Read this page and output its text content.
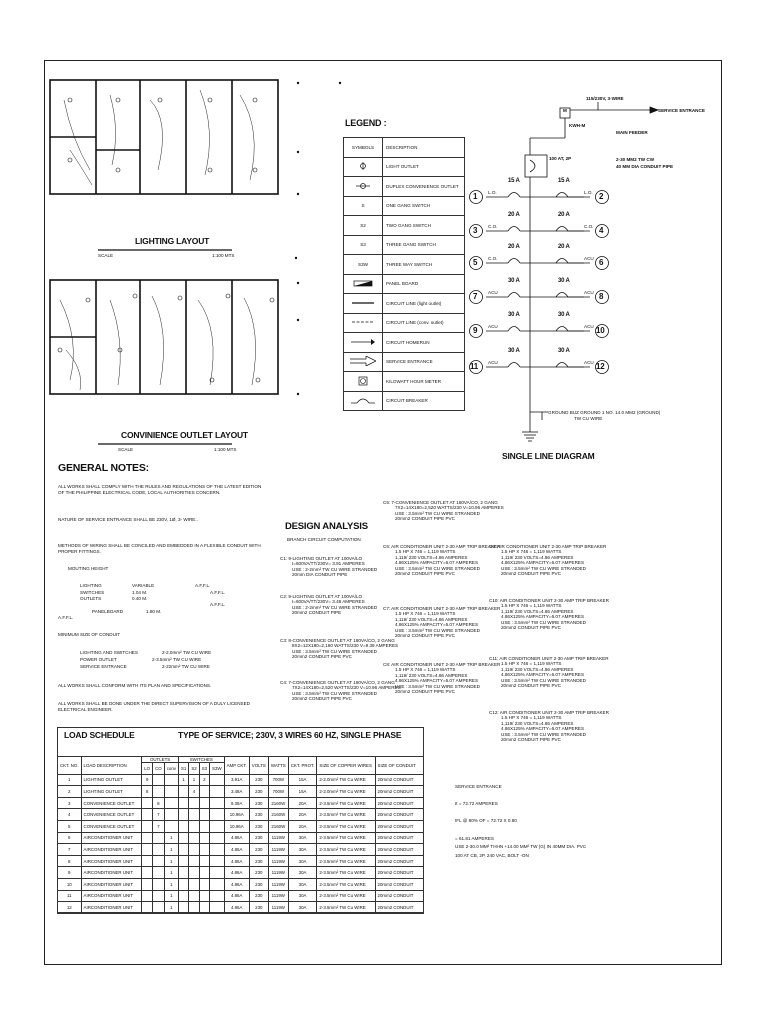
LIGHTING LAYOUT
SCALE	1:100 MTS
CONVINIENCE OUTLET LAYOUT
SCALE	1:100 MTS
LEGEND :
SYMBOLS	DESCRIPTION
	LIGHT OUTLET
	DUPLEX CONVENIENCE OUTLET
S	ONE GANG SWITCH
S2	TWO GANG SWITCH
S3	THREE GANG SWITCH
S3W	THREE WAY SWITCH
	PANEL BOARD
	CIRCUIT LINE (light outlet)
	CIRCUIT LINE (conv. outlet)
	CIRCUIT HOMERUN
	SERVICE ENTRANCE
	KILOWATT HOUR METER
	CIRCUIT BREAKER
115/230V, 3-WIRE
M
KWH-M
SERVICE ENTRANCE
MAIN FEEDER
100 AT, 2P	2-30 MM2 TW CW
40 MM DIA CONDUIT PIPE
GROUND BUZ GROUND 1 NO. 14.0 MM2 (GROUND)
TW CU WIRE
SINGLE LINE DIAGRAM
1	2
15 A	15 A
L.O.	L.O.
3	4
20 A	20 A
C.O.	C.O.
5	6
20 A	20 A
C.O.	ACU
7	8
30 A	30 A
ACU	ACU
9	10
30 A	30 A
ACU	ACU
11	12
30 A	30 A
ACU	ACU
GENERAL NOTES:
ALL WORKS SHALL COMPLY WITH THE RULES AND REGULATIONS OF THE LATEST EDITION
OF THE PHILIPPINE ELECTRICAL CODE, LOCAL AUTHORITIES CONCERN.
NATURE OF SERVICE ENTRANCE SHALL BE 230V, 1Ø, 3- WIRE..
METHODS OF WIRING SHALL BE CONCILED AND EMBEDDED IN A FLEXIBLE CONDUIT WITH
PROPER FITTINGS.
MOUTING HEIGHT
LIGHTING	VARIABLE	A.F.F.L.
SWITCHES	1.04 M.	A.F.F.L.
OUTLETS	0.40 M.
A.F.F.L.
PANELBOARD	1.80 M.
A.F.F.L.
MINIMUM SIZE OF CONDUIT
LIGHTING AND SWITCHES	2-2.0mm² TW CU WIRE
POWER OUTLET	2-3.5mm² TW CU WIRE
SERVICE ENTRANCE	2-22mm² TW CU WIRE
ALL WORKS SHALL CONFORM WITH ITS PLAN AND SPECIFICATIONS.
ALL WORKS SHALL BE DONE UNDER THE DIRECT SUPERVISION OF A DULY LICENSED
ELECTRICAL ENGINEER.
DESIGN ANALYSIS
BRANCH CIRCUIT COMPUTATION
C1: 9-LIGHTING OUTLET AT 100VA/LO
I=600VA/TT/230V= 3.91 AMPERES
USE : 2-2mm² TW CU WIRE STRANDED
20mm DIA CONDUIT PIPE
C2: 9-LIGHTING OUTLET AT 100VA/LO
I=600VA/TT/230V= 3.48 AMPERES
USE : 2-2mm² TW CU WIRE STRANDED
20mm2 CONDUIT PIPE
C3: 8-CONVENIENCE OUTLET AT 180VA/CO, 2 GANG
8X2=12X180=2,160 WATTS/230 V=9.39 AMPERES
USE : 3.5mm² TW CU WIRE STRANDED
20mm2 CONDUIT PIPE PVC
C4: 7-CONVENIENCE OUTLET AT 180VA/CO, 2 GANG
7X2=14X180=2,520 WATTS/230 V=10.96 AMPERES
USE : 3.5mm² TW CU WIRE STRANDED
20mm2 CONDUIT PIPE PVC
C5: 7-CONVENIENCE OUTLET AT 180VA/CO, 2 GANG
7X2=14X180=2,520 WATTS/230 V=10.96 AMPERES
USE : 3.5mm² TW CU WIRE STRANDED
20mm2 CONDUIT PIPE PVC
C6: AIR CONDITIONER UNIT 2-30 AMP TRIP BREAKER
1.5 HP X 746 = 1,119 WATTS
1,119/ 230 VOLTS=4.86 AMPERES
4.86X125% AMPACITY=6.07 AMPERES
USE : 3.5mm² TW CU WIRE STRANDED
20mm2 CONDUIT PIPE PVC
C7: AIR CONDITIONER UNIT 2-30 AMP TRIP BREAKER
1.5 HP X 746 = 1,119 WATTS
1,119/ 230 VOLTS=4.86 AMPERES
4.86X125% AMPACITY=6.07 AMPERES
USE : 3.5mm² TW CU WIRE STRANDED
20mm2 CONDUIT PIPE PVC
C8: AIR CONDITIONER UNIT 2-30 AMP TRIP BREAKER
1.5 HP X 746 = 1,119 WATTS
1,119/ 230 VOLTS=4.86 AMPERES
4.86X125% AMPACITY=6.07 AMPERES
USE : 3.5mm² TW CU WIRE STRANDED
20mm2 CONDUIT PIPE PVC
C9: AIR CONDITIONER UNIT 2-30 AMP TRIP BREAKER
1.5 HP X 746 = 1,119 WATTS
1,119/ 230 VOLTS=4.86 AMPERES
4.86X125% AMPACITY=6.07 AMPERES
USE : 3.5mm² TW CU WIRE STRANDED
20mm2 CONDUIT PIPE PVC
C10: AIR CONDITIONER UNIT 2-30 AMP TRIP BREAKER
1.5 HP X 746 = 1,119 WATTS
1,119/ 230 VOLTS=4.86 AMPERES
4.86X125% AMPACITY=6.07 AMPERES
USE : 3.5mm² TW CU WIRE STRANDED
20mm2 CONDUIT PIPE PVC
C11: AIR CONDITIONER UNIT 2-30 AMP TRIP BREAKER
1.5 HP X 746 = 1,119 WATTS
1,119/ 230 VOLTS=4.86 AMPERES
4.86X125% AMPACITY=6.07 AMPERES
USE : 3.5mm² TW CU WIRE STRANDED
20mm2 CONDUIT PIPE PVC
C12: AIR CONDITIONER UNIT 2-30 AMP TRIP BREAKER
1.5 HP X 746 = 1,119 WATTS
1,119/ 230 VOLTS=4.86 AMPERES
4.86X125% AMPACITY=6.07 AMPERES
USE : 3.5mm² TW CU WIRE STRANDED
20mm2 CONDUIT PIPE PVC
SERVICE ENTRANCE
It = 72.72 AMPERES
IFL @ 80% OF = 72.72 X 0.80
= 61.81 AMPERES
USE 2-30.0 MM² THHN +14.00 MM² TW (G) IN 40MM DIA. PVC
100 AT CB, 2P, 240 VAC, BOLT -ON
LOAD SCHEDULE	TYPE OF SERVICE; 230V, 3 WIRES 60 HZ, SINGLE PHASE
CKT. NO.	LOAD DESCRIPTION	OUTLETS			SWITCHES				AMP CKT.	VOLTS	WATTS	CKT. PROT.	SIZE OF COPPER WIRES	SIZE OF CONDUIT
		LO	CO	conv	S1	S2	S3	S3W						
1	LIGHTING OUTLET	9			1	1	2		3.91A	230	700W	15A	2-2.0mm² TW Cu WIRE	20mm2 CONDUIT
2	LIGHTING OUTLET	8				4			3.48A	230	700W	15A	2-2.0mm² TW Cu WIRE	20mm2 CONDUIT
3	CONVENIENCE OUTLET		8						9.39A	230	2160W	20A	2-3.5mm² TW Cu WIRE	20mm2 CONDUIT
4	CONVENIENCE OUTLET		7						10.96A	230	2160W	20A	2-3.5mm² TW Cu WIRE	20mm2 CONDUIT
5	CONVENIENCE OUTLET		7						10.96A	230	2160W	20A	2-3.5mm² TW Cu WIRE	20mm2 CONDUIT
6	AIRCONDITIONER UNIT			1					4.86A	230	1119W	30A	2-3.5mm² TW Cu WIRE	20mm2 CONDUIT
7	AIRCONDITIONER UNIT			1					4.86A	230	1119W	30A	2-3.5mm² TW Cu WIRE	20mm2 CONDUIT
8	AIRCONDITIONER UNIT			1					4.86A	230	1119W	30A	2-3.5mm² TW Cu WIRE	20mm2 CONDUIT
9	AIRCONDITIONER UNIT			1					4.86A	230	1119W	30A	2-3.5mm² TW Cu WIRE	20mm2 CONDUIT
10	AIRCONDITIONER UNIT			1					4.86A	230	1119W	30A	2-3.5mm² TW Cu WIRE	20mm2 CONDUIT
11	AIRCONDITIONER UNIT			1					4.86A	230	1119W	30A	2-3.5mm² TW Cu WIRE	20mm2 CONDUIT
12	AIRCONDITIONER UNIT			1					4.86A	230	1119W	30A	2-3.5mm² TW Cu WIRE	20mm2 CONDUIT
